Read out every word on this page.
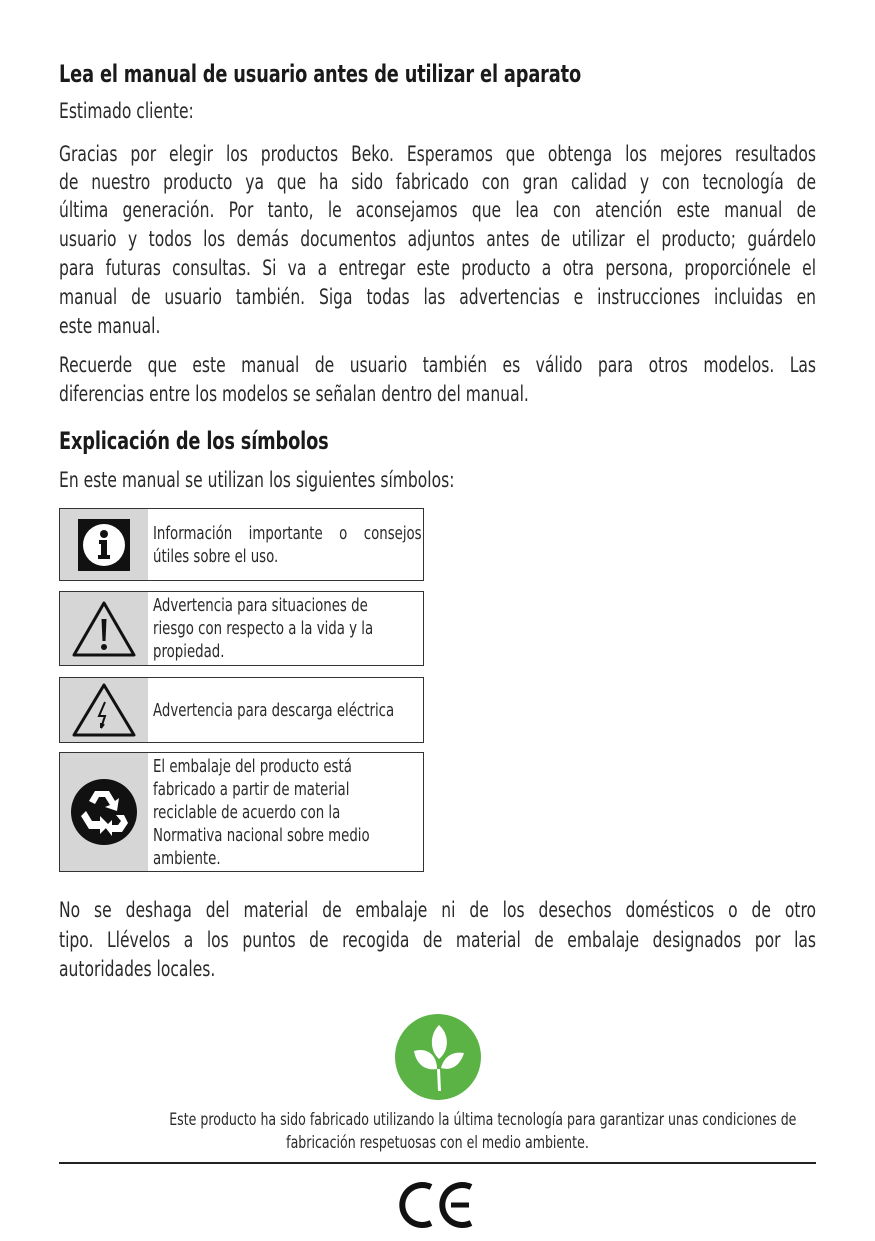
Lea el manual de usuario antes de utilizar el aparato
Estimado cliente:
Gracias por elegir los productos Beko. Esperamos que obtenga los mejores resultados
de nuestro producto ya que ha sido fabricado con gran calidad y con tecnología de
última generación. Por tanto, le aconsejamos que lea con atención este manual de
usuario y todos los demás documentos adjuntos antes de utilizar el producto; guárdelo
para futuras consultas. Si va a entregar este producto a otra persona, proporciónele el
manual de usuario también. Siga todas las advertencias e instrucciones incluidas en
este manual.
Recuerde que este manual de usuario también es válido para otros modelos. Las
diferencias entre los modelos se señalan dentro del manual.
Explicación de los símbolos
En este manual se utilizan los siguientes símbolos:
Información importante o consejos
útiles sobre el uso.
Advertencia para situaciones de
riesgo con respecto a la vida y la
propiedad.
Advertencia para descarga eléctrica
El embalaje del producto está
fabricado a partir de material
reciclable de acuerdo con la
Normativa nacional sobre medio
ambiente.
No se deshaga del material de embalaje ni de los desechos domésticos o de otro
tipo. Llévelos a los puntos de recogida de material de embalaje designados por las
autoridades locales.
Este producto ha sido fabricado utilizando la última tecnología para garantizar unas condiciones de
fabricación respetuosas con el medio ambiente.
